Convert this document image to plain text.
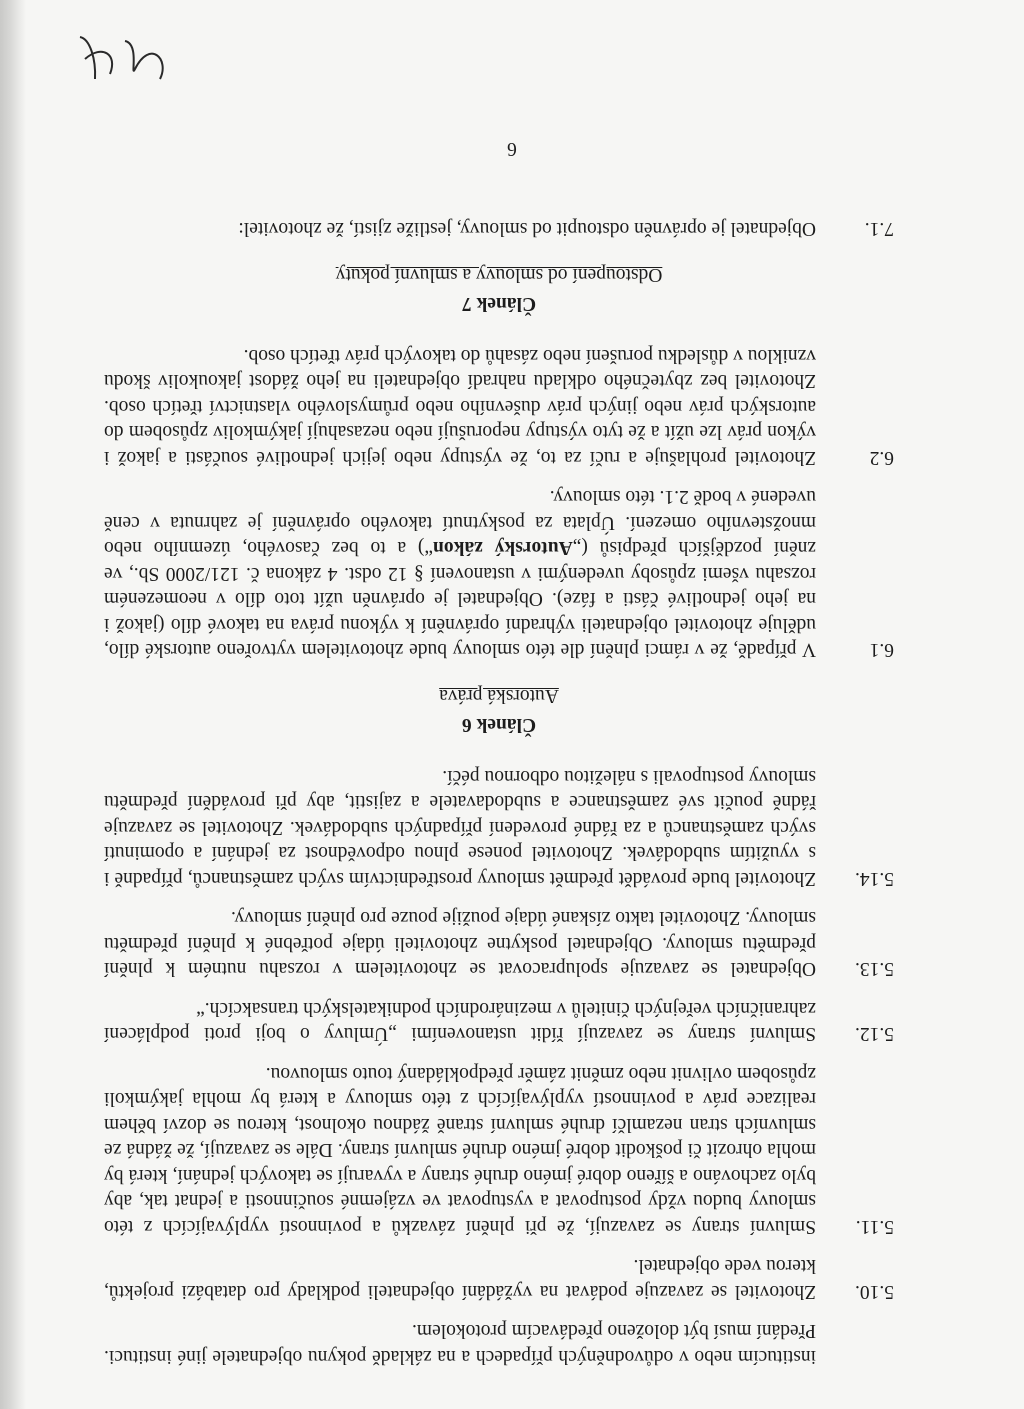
institucím nebo v odůvodněných případech a na základě pokynu objednatele jiné instituci. Předání musí být doloženo předávacím protokolem.

5.10.
Zhotovitel se zavazuje podávat na vyžádání objednateli podklady pro databázi projektů, kterou vede objednatel.
5.11.
Smluvní strany se zavazují, že při plnění závazků a povinností vyplývajících z této smlouvy budou vždy postupovat a vystupovat ve vzájemné součinnosti a jednat tak, aby bylo zachováno a šířeno dobré jméno druhé strany a vyvarují se takových jednání, která by mohla ohrozit či poškodit dobré jméno druhé smluvní strany. Dále se zavazují, že žádná ze smluvních stran nezamlčí druhé smluvní straně žádnou okolnost, kterou se dozví během realizace práv a povinností vyplývajících z této smlouvy a která by mohla jakýmkoli způsobem ovlivnit nebo změnit záměr předpokládaný touto smlouvou.
5.12.
Smluvní strany se zavazují řídit ustanoveními „Úmluvy o boji proti podplácení zahraničních veřejných činitelů v mezinárodních podnikatelských transakcích.“
5.13.
Objednatel se zavazuje spolupracovat se zhotovitelem v rozsahu nutném k plnění předmětu smlouvy. Objednatel poskytne zhotoviteli údaje potřebné k plnění předmětu smlouvy. Zhotovitel takto získané údaje použije pouze pro plnění smlouvy.
5.14.
Zhotovitel bude provádět předmět smlouvy prostřednictvím svých zaměstnanců, případně i s využitím subdodávek. Zhotovitel ponese plnou odpovědnost za jednání a opominutí svých zaměstnanců a za řádné provedení případných subdodávek. Zhotovitel se zavazuje řádně poučit své zaměstnance a subdodavatele a zajistit, aby při provádění předmětu smlouvy postupovali s náležitou odbornou péčí.
Článek 6
Autorská práva
6.1
V případě, že v rámci plnění dle této smlouvy bude zhotovitelem vytvořeno autorské dílo, uděluje zhotovitel objednateli výhradní oprávnění k výkonu práva na takové dílo (jakož i na jeho jednotlivé části a fáze). Objednatel je oprávněn užít toto dílo v neomezeném rozsahu všemi způsoby uvedenými v ustanovení § 12 odst. 4 zákona č. 121/2000 Sb., ve znění pozdějších předpisů („Autorský zákon“) a to bez časového, územního nebo množstevního omezení. Úplata za poskytnutí takového oprávnění je zahrnuta v ceně uvedené v bodě 2.1. této smlouvy.
6.2
Zhotovitel prohlašuje a ručí za to, že výstupy nebo jejich jednotlivé součásti a jakož i výkon práv lze užít a že tyto výstupy neporušují nebo nezasahují jakýmkoliv způsobem do autorských práv nebo jiných práv duševního nebo průmyslového vlastnictví třetích osob. Zhotovitel bez zbytečného odkladu nahradí objednateli na jeho žádost jakoukoliv škodu vzniklou v důsledku porušení nebo zásahů do takových práv třetích osob.
Článek 7
Odstoupení od smlouvy a smluvní pokuty
7.1.
Objednatel je oprávněn odstoupit od smlouvy, jestliže zjistí, že zhotovitel:
6
